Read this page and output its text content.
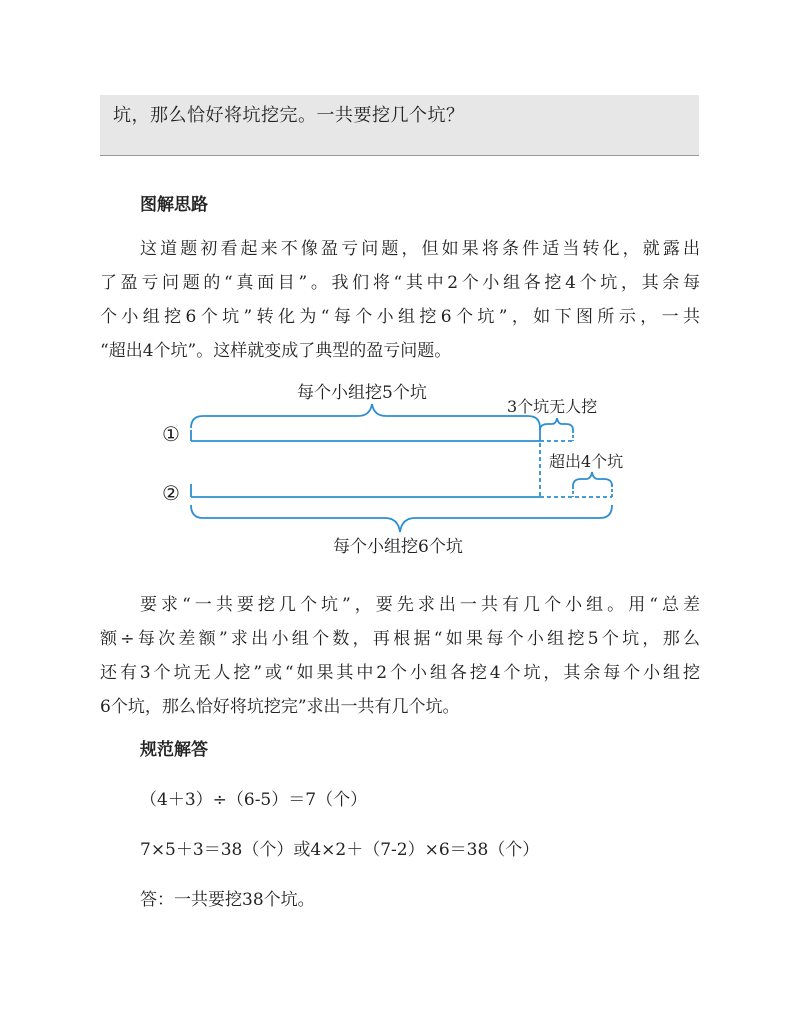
坑，那么恰好将坑挖完。一共要挖几个坑？
图解思路

这道题初看起来不像盈亏问题，但如果将条件适当转化，就露出

了盈亏问题的“真面目”。我们将“其中2个小组各挖4个坑，其余每

个小组挖6个坑”转化为“每个小组挖6个坑”，如下图所示，一共

“超出4个坑”。这样就变成了典型的盈亏问题。

每个小组挖5个坑
3个坑无人挖
超出4个坑
每个小组挖6个坑
①
②

要求“一共要挖几个坑”，要先求出一共有几个小组。用“总差

额÷每次差额”求出小组个数，再根据“如果每个小组挖5个坑，那么

还有3个坑无人挖”或“如果其中2个小组各挖4个坑，其余每个小组挖

6个坑，那么恰好将坑挖完”求出一共有几个坑。

规范解答
（4＋3）÷（6-5）＝7（个）
7×5＋3＝38（个）或4×2＋（7-2）×6＝38（个）
答：一共要挖38个坑。
